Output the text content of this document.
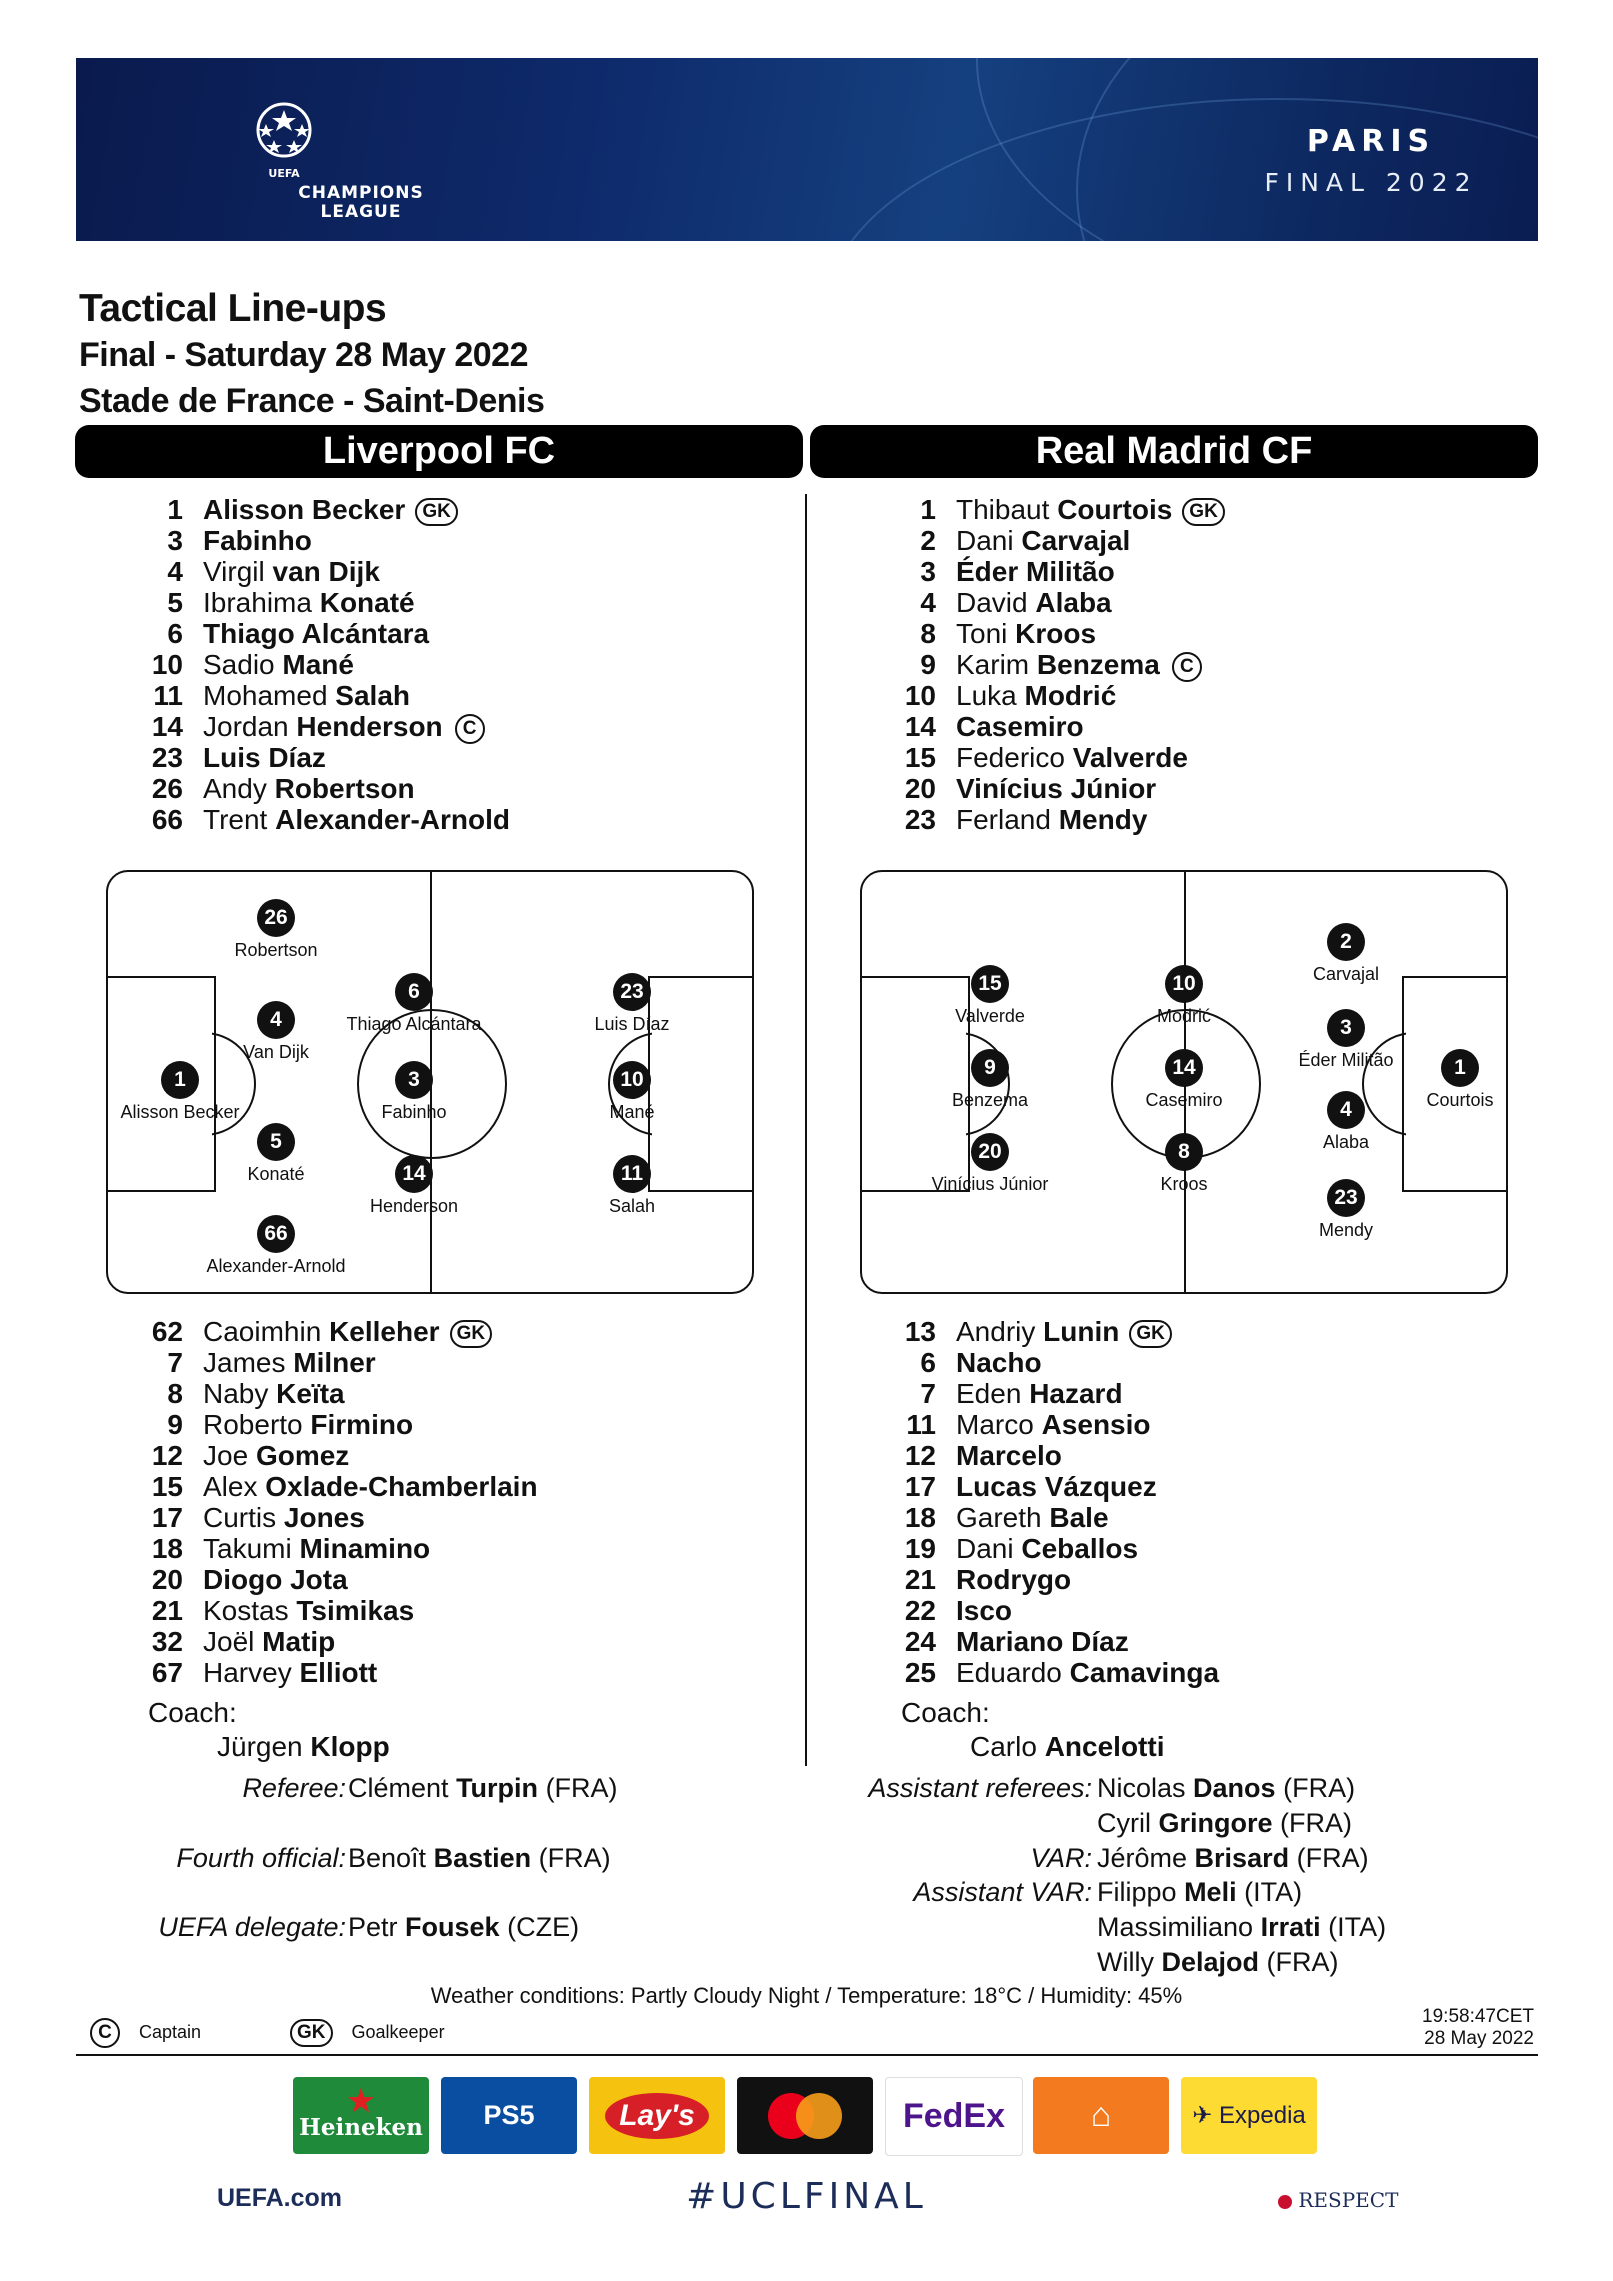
UEFA
CHAMPIONS
LEAGUE
PARIS
FINAL 2022
Tactical Line-ups
Final - Saturday 28 May 2022
Stade de France - Saint-Denis
Liverpool FC	Real Madrid CF
1 Alisson Becker GK
3 Fabinho
4 Virgil van Dijk
5 Ibrahima Konaté
6 Thiago Alcántara
10 Sadio Mané
11 Mohamed Salah
14 Jordan Henderson C
23 Luis Díaz
26 Andy Robertson
66 Trent Alexander-Arnold
1 Thibaut Courtois GK
2 Dani Carvajal
3 Éder Militão
4 David Alaba
8 Toni Kroos
9 Karim Benzema C
10 Luka Modrić
14 Casemiro
15 Federico Valverde
20 Vinícius Júnior
23 Ferland Mendy
26
Robertson
4
Van Dijk
1
Alisson Becker
5
Konaté
66
Alexander-Arnold
6
Thiago Alcántara
3
Fabinho
14
Henderson
23
Luis Díaz
10
Mané
11
Salah
15
Valverde
9
Benzema
20
Vinícius Júnior
10
Modrić
14
Casemiro
8
Kroos
2
Carvajal
3
Éder Militão
4
Alaba
23
Mendy
1
Courtois
62 Caoimhin Kelleher GK
7 James Milner
8 Naby Keïta
9 Roberto Firmino
12 Joe Gomez
15 Alex Oxlade-Chamberlain
17 Curtis Jones
18 Takumi Minamino
20 Diogo Jota
21 Kostas Tsimikas
32 Joël Matip
67 Harvey Elliott
13 Andriy Lunin GK
6 Nacho
7 Eden Hazard
11 Marco Asensio
12 Marcelo
17 Lucas Vázquez
18 Gareth Bale
19 Dani Ceballos
21 Rodrygo
22 Isco
24 Mariano Díaz
25 Eduardo Camavinga
Coach:
Jürgen Klopp
Coach:
Carlo Ancelotti
Referee: Clément Turpin (FRA)
Fourth official: Benoît Bastien (FRA)
UEFA delegate: Petr Fousek (CZE)
Assistant referees: Nicolas Danos (FRA)
Cyril Gringore (FRA)
VAR: Jérôme Brisard (FRA)
Assistant VAR: Filippo Meli (ITA)
Massimiliano Irrati (ITA)
Willy Delajod (FRA)
Weather conditions: Partly Cloudy Night / Temperature: 18°C / Humidity: 45%
C Captain	GK Goalkeeper
19:58:47CET
28 May 2022
★
Heineken	PS5	Lay's	FedEx	⌂	✈ Expedia
UEFA.com	#UCLFINAL	RESPECT
